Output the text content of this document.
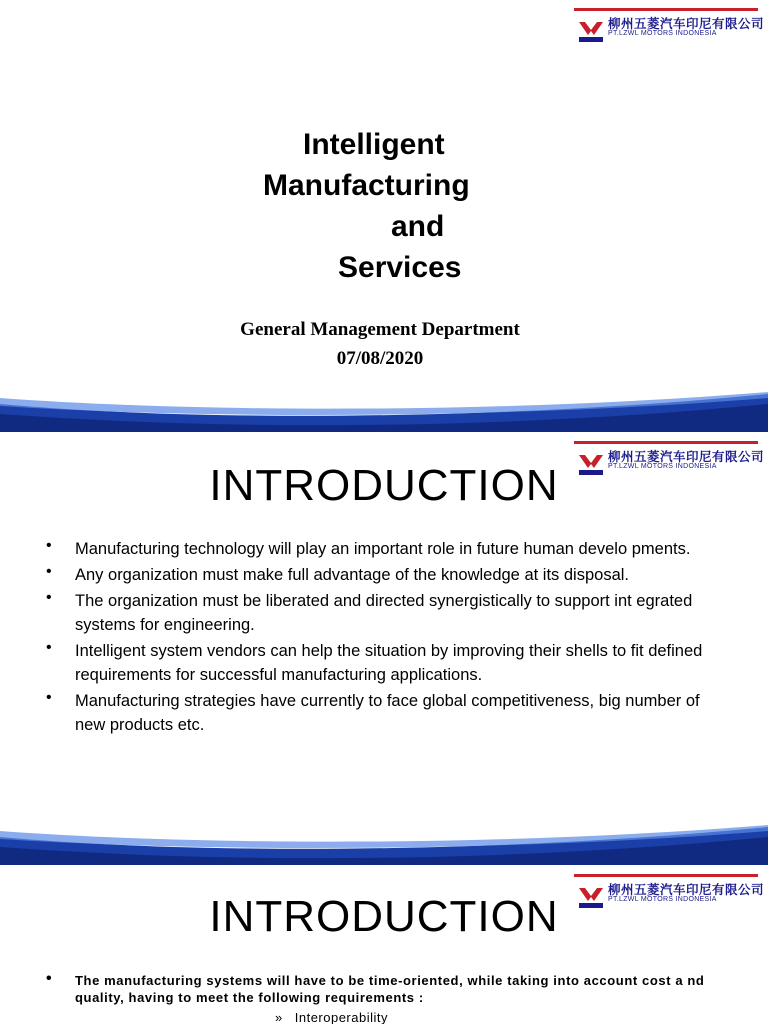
柳州五菱汽车印尼有限公司
PT.LZWL MOTORS INDONESIA
Intelligent
Manufacturing
and
Services
General Management Department
07/08/2020
柳州五菱汽车印尼有限公司
PT.LZWL MOTORS INDONESIA
INTRODUCTION
• Manufacturing technology will play an important role in future human develo pments.
• Any organization must make full advantage of the knowledge at its disposal.
• The organization must be liberated and directed synergistically to support int egrated systems for engineering.
• Intelligent system vendors can help the situation by improving their shells to fit defined requirements for successful manufacturing applications.
• Manufacturing strategies have currently to face global competitiveness, big number of new products etc.
柳州五菱汽车印尼有限公司
PT.LZWL MOTORS INDONESIA
INTRODUCTION
• The manufacturing systems will have to be time-oriented, while taking into account cost a nd quality, having to meet the following requirements :
» Interoperability
